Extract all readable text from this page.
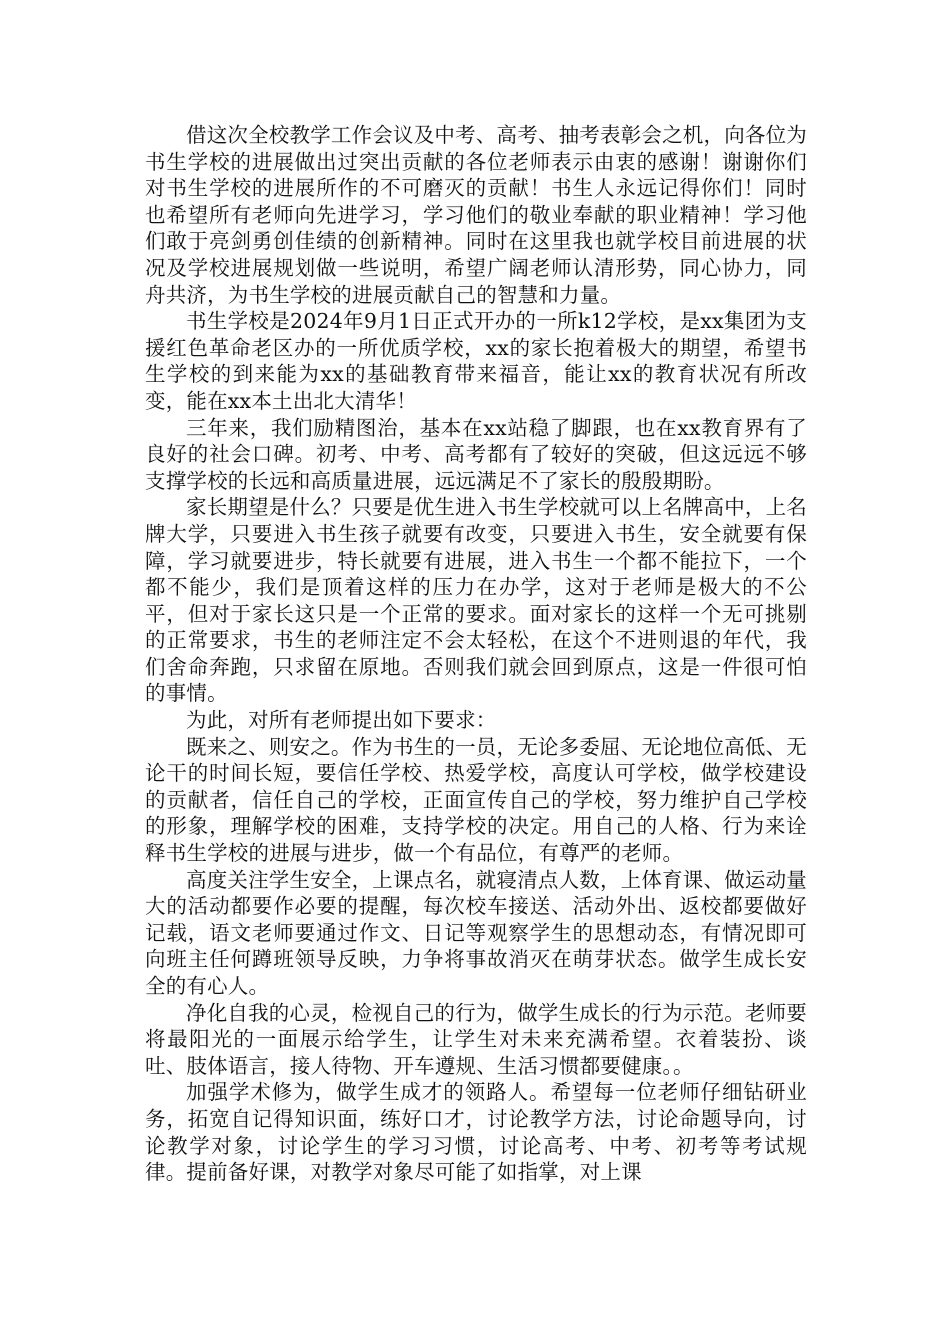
借这次全校教学工作会议及中考、高考、抽考表彰会之机，向各位为书生学校的进展做出过突出贡献的各位老师表示由衷的感谢！谢谢你们对书生学校的进展所作的不可磨灭的贡献！书生人永远记得你们！同时也希望所有老师向先进学习，学习他们的敬业奉献的职业精神！学习他们敢于亮剑勇创佳绩的创新精神。同时在这里我也就学校目前进展的状况及学校进展规划做一些说明，希望广阔老师认清形势，同心协力，同舟共济，为书生学校的进展贡献自己的智慧和力量。

书生学校是2024年9月1日正式开办的一所k12学校，是xx集团为支援红色革命老区办的一所优质学校，xx的家长抱着极大的期望，希望书生学校的到来能为xx的基础教育带来福音，能让xx的教育状况有所改变，能在xx本土出北大清华！

三年来，我们励精图治，基本在xx站稳了脚跟，也在xx教育界有了良好的社会口碑。初考、中考、高考都有了较好的突破，但这远远不够支撑学校的长远和高质量进展，远远满足不了家长的殷殷期盼。

家长期望是什么？只要是优生进入书生学校就可以上名牌高中，上名牌大学，只要进入书生孩子就要有改变，只要进入书生，安全就要有保障，学习就要进步，特长就要有进展，进入书生一个都不能拉下，一个都不能少，我们是顶着这样的压力在办学，这对于老师是极大的不公平，但对于家长这只是一个正常的要求。面对家长的这样一个无可挑剔的正常要求，书生的老师注定不会太轻松，在这个不进则退的年代，我们舍命奔跑，只求留在原地。否则我们就会回到原点，这是一件很可怕的事情。

为此，对所有老师提出如下要求：

既来之、则安之。作为书生的一员，无论多委屈、无论地位高低、无论干的时间长短，要信任学校、热爱学校，高度认可学校，做学校建设的贡献者，信任自己的学校，正面宣传自己的学校，努力维护自己学校的形象，理解学校的困难，支持学校的决定。用自己的人格、行为来诠释书生学校的进展与进步，做一个有品位，有尊严的老师。

高度关注学生安全，上课点名，就寝清点人数，上体育课、做运动量大的活动都要作必要的提醒，每次校车接送、活动外出、返校都要做好记载，语文老师要通过作文、日记等观察学生的思想动态，有情况即可向班主任何蹲班领导反映，力争将事故消灭在萌芽状态。做学生成长安全的有心人。

净化自我的心灵，检视自己的行为，做学生成长的行为示范。老师要将最阳光的一面展示给学生，让学生对未来充满希望。衣着装扮、谈吐、肢体语言，接人待物、开车遵规、生活习惯都要健康。。

加强学术修为，做学生成才的领路人。希望每一位老师仔细钻研业务，拓宽自记得知识面，练好口才，讨论教学方法，讨论命题导向，讨论教学对象，讨论学生的学习习惯，讨论高考、中考、初考等考试规律。提前备好课，对教学对象尽可能了如指掌，对上课
